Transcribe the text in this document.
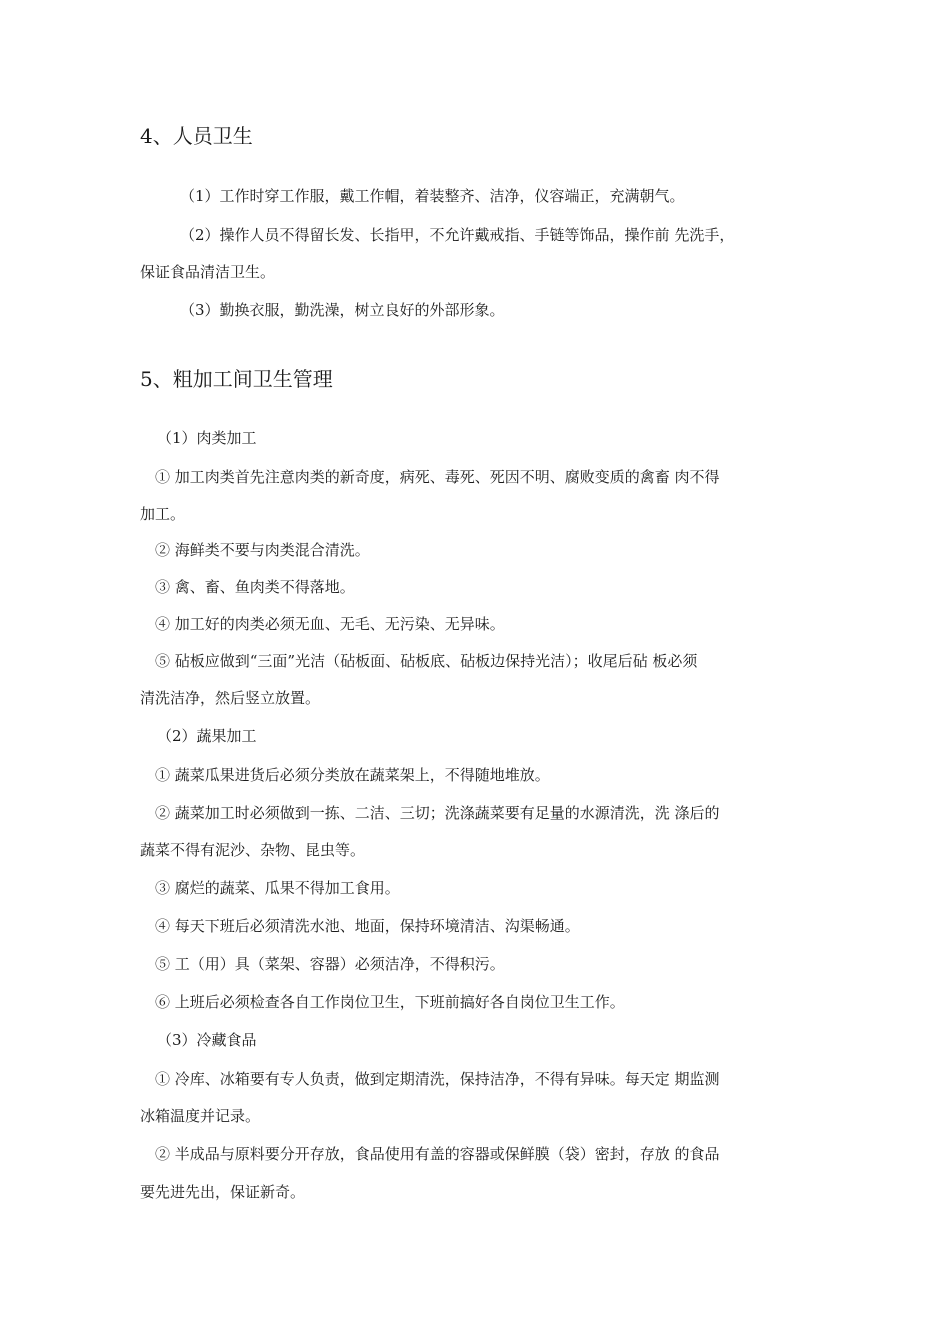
4、人员卫生
（1）工作时穿工作服，戴工作帽，着装整齐、洁净，仪容端正，充满朝气。
（2）操作人员不得留长发、长指甲，不允许戴戒指、手链等饰品，操作前 先洗手，
保证食品清洁卫生。
（3）勤换衣服，勤洗澡，树立良好的外部形象。
5、粗加工间卫生管理
（1）肉类加工
① 加工肉类首先注意肉类的新奇度，病死、毒死、死因不明、腐败变质的禽畜 肉不得
加工。
② 海鲜类不要与肉类混合清洗。
③ 禽、畜、鱼肉类不得落地。
④ 加工好的肉类必须无血、无毛、无污染、无异味。
⑤ 砧板应做到“三面”光洁（砧板面、砧板底、砧板边保持光洁）；收尾后砧 板必须
清洗洁净，然后竖立放置。
（2）蔬果加工
① 蔬菜瓜果进货后必须分类放在蔬菜架上，不得随地堆放。
② 蔬菜加工时必须做到一拣、二洁、三切；洗涤蔬菜要有足量的水源清洗，洗 涤后的
蔬菜不得有泥沙、杂物、昆虫等。
③ 腐烂的蔬菜、瓜果不得加工食用。
④ 每天下班后必须清洗水池、地面，保持环境清洁、沟渠畅通。
⑤ 工（用）具（菜架、容器）必须洁净，不得积污。
⑥ 上班后必须检查各自工作岗位卫生，下班前搞好各自岗位卫生工作。
（3）冷藏食品
① 冷库、冰箱要有专人负责，做到定期清洗，保持洁净，不得有异味。每天定 期监测
冰箱温度并记录。
② 半成品与原料要分开存放，食品使用有盖的容器或保鲜膜（袋）密封，存放 的食品
要先进先出，保证新奇。
